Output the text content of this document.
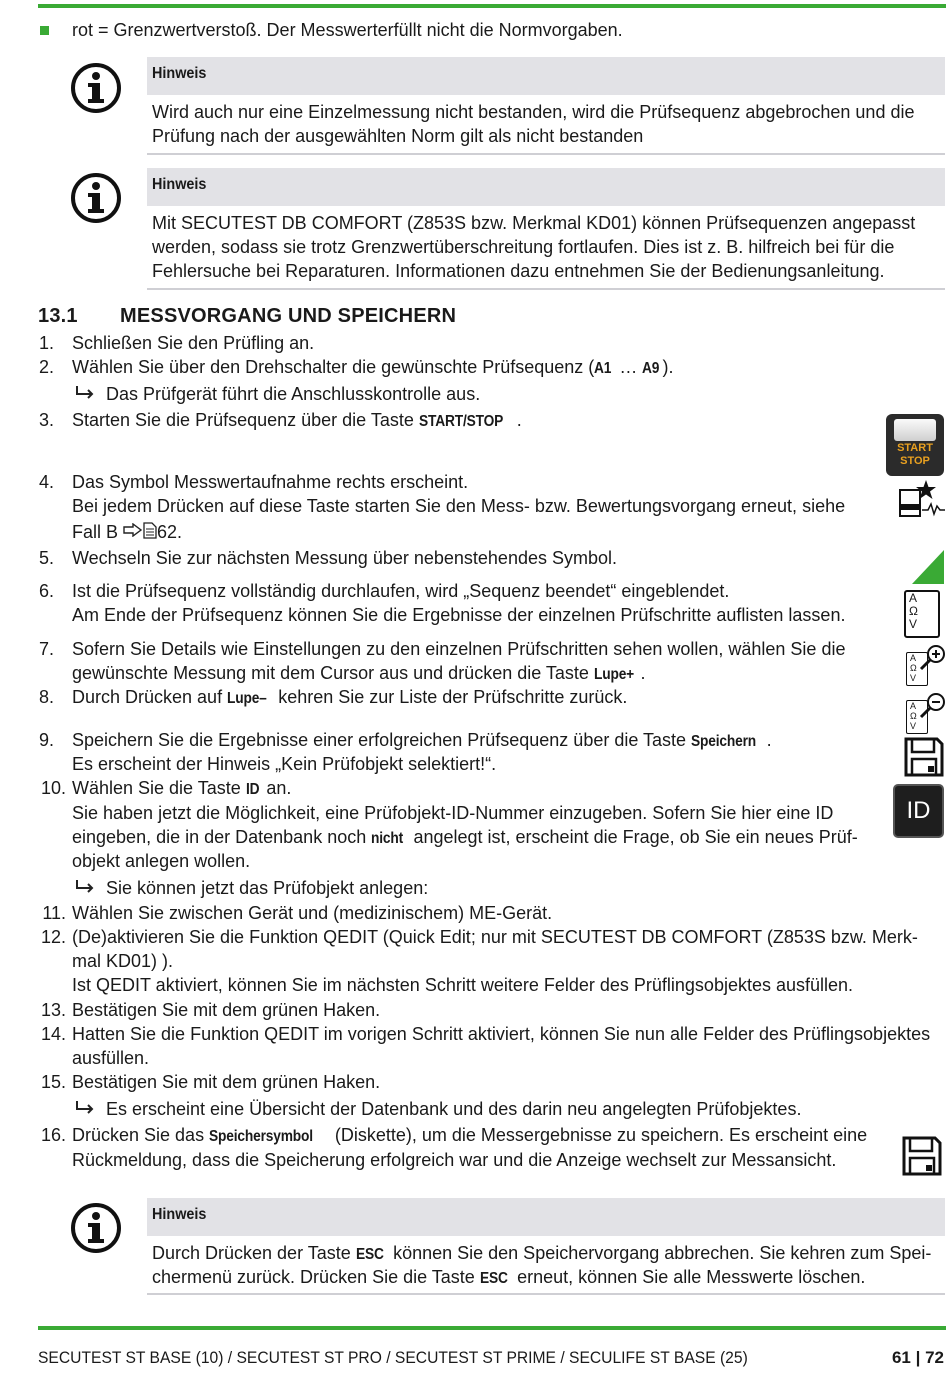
rot = Grenzwertverstoß. Der Messwerterfüllt nicht die Normvorgaben.
Hinweis
Wird auch nur eine Einzelmessung nicht bestanden, wird die Prüfsequenz abgebrochen und die
Prüfung nach der ausgewählten Norm gilt als nicht bestanden
Hinweis
Mit SECUTEST DB COMFORT (Z853S bzw. Merkmal KD01) können Prüfsequenzen angepasst
werden, sodass sie trotz Grenzwertüberschreitung fortlaufen. Dies ist z. B. hilfreich bei für die
Fehlersuche bei Reparaturen. Informationen dazu entnehmen Sie der Bedienungsanleitung.
13.1 MESSVORGANG UND SPEICHERN
1.
2.
3.
4.
5.
6.
7.
8.
9.
10.
11.
12.
13.
14.
15.
16.
Schließen Sie den Prüfling an.
Wählen Sie über den Drehschalter die gewünschte Prüfsequenz (A1 … A9 ).
Das Prüfgerät führt die Anschlusskontrolle aus.
Starten Sie die Prüfsequenz über die Taste START/STOP .
Das Symbol Messwertaufnahme rechts erscheint.
Bei jedem Drücken auf diese Taste starten Sie den Mess- bzw. Bewertungsvorgang erneut, siehe
Fall B 62.
Wechseln Sie zur nächsten Messung über nebenstehendes Symbol.
Ist die Prüfsequenz vollständig durchlaufen, wird „Sequenz beendet“ eingeblendet.
Am Ende der Prüfsequenz können Sie die Ergebnisse der einzelnen Prüfschritte auflisten lassen.
Sofern Sie Details wie Einstellungen zu den einzelnen Prüfschritten sehen wollen, wählen Sie die
gewünschte Messung mit dem Cursor aus und drücken die Taste Lupe+ .
Durch Drücken auf Lupe– kehren Sie zur Liste der Prüfschritte zurück.
Speichern Sie die Ergebnisse einer erfolgreichen Prüfsequenz über die Taste Speichern .
Es erscheint der Hinweis „Kein Prüfobjekt selektiert!“.
Wählen Sie die Taste ID an.
Sie haben jetzt die Möglichkeit, eine Prüfobjekt-ID-Nummer einzugeben. Sofern Sie hier eine ID
eingeben, die in der Datenbank noch nicht angelegt ist, erscheint die Frage, ob Sie ein neues Prüf-
objekt anlegen wollen.
Sie können jetzt das Prüfobjekt anlegen:
Wählen Sie zwischen Gerät und (medizinischem) ME-Gerät.
(De)aktivieren Sie die Funktion QEDIT (Quick Edit; nur mit SECUTEST DB COMFORT (Z853S bzw. Merk-
mal KD01) ).
Ist QEDIT aktiviert, können Sie im nächsten Schritt weitere Felder des Prüflingsobjektes ausfüllen.
Bestätigen Sie mit dem grünen Haken.
Hatten Sie die Funktion QEDIT im vorigen Schritt aktiviert, können Sie nun alle Felder des Prüflingsobjektes
ausfüllen.
Bestätigen Sie mit dem grünen Haken.
Es erscheint eine Übersicht der Datenbank und des darin neu angelegten Prüfobjektes.
Drücken Sie das Speichersymbol (Diskette), um die Messergebnisse zu speichern. Es erscheint eine
Rückmeldung, dass die Speicherung erfolgreich war und die Anzeige wechselt zur Messansicht.
Hinweis
Durch Drücken der Taste ESC können Sie den Speichervorgang abbrechen. Sie kehren zum Spei-
chermenü zurück. Drücken Sie die Taste ESC erneut, können Sie alle Messwerte löschen.
START
STOP
A
Ω
V
A
Ω
V
A
Ω
V
ID
SECUTEST ST BASE (10) / SECUTEST ST PRO / SECUTEST ST PRIME / SECULIFE ST BASE (25)	61 | 72
